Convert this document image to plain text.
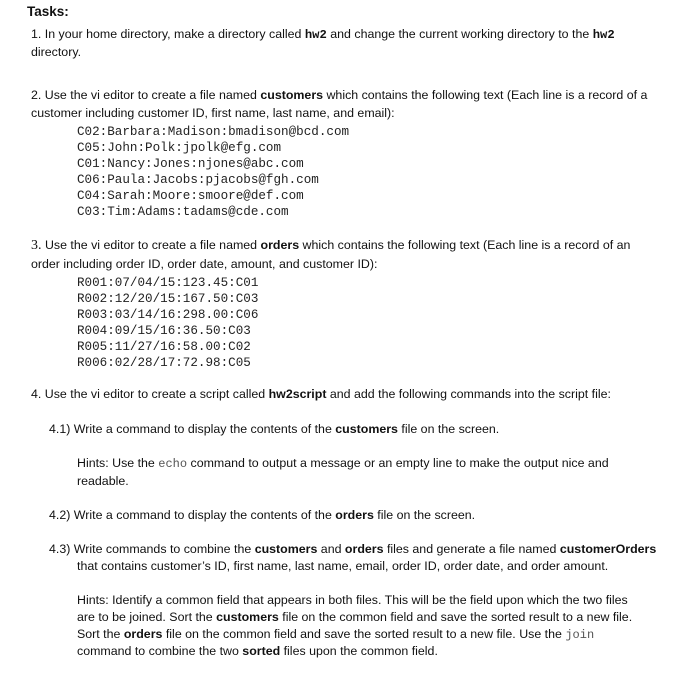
Tasks:
1. In your home directory, make a directory called hw2 and change the current working directory to the hw2
directory.
2. Use the vi editor to create a file named customers which contains the following text (Each line is a record of a
customer including customer ID, first name, last name, and email):
C02:Barbara:Madison:bmadison@bcd.com
C05:John:Polk:jpolk@efg.com
C01:Nancy:Jones:njones@abc.com
C06:Paula:Jacobs:pjacobs@fgh.com
C04:Sarah:Moore:smoore@def.com
C03:Tim:Adams:tadams@cde.com
3. Use the vi editor to create a file named orders which contains the following text (Each line is a record of an
order including order ID, order date, amount, and customer ID):
R001:07/04/15:123.45:C01
R002:12/20/15:167.50:C03
R003:03/14/16:298.00:C06
R004:09/15/16:36.50:C03
R005:11/27/16:58.00:C02
R006:02/28/17:72.98:C05
4. Use the vi editor to create a script called hw2script and add the following commands into the script file:
4.1) Write a command to display the contents of the customers file on the screen.
Hints: Use the echo command to output a message or an empty line to make the output nice and
readable.
4.2) Write a command to display the contents of the orders file on the screen.
4.3) Write commands to combine the customers and orders files and generate a file named customerOrders
that contains customer’s ID, first name, last name, email, order ID, order date, and order amount.
Hints: Identify a common field that appears in both files. This will be the field upon which the two files
are to be joined. Sort the customers file on the common field and save the sorted result to a new file.
Sort the orders file on the common field and save the sorted result to a new file. Use the join
command to combine the two sorted files upon the common field.
